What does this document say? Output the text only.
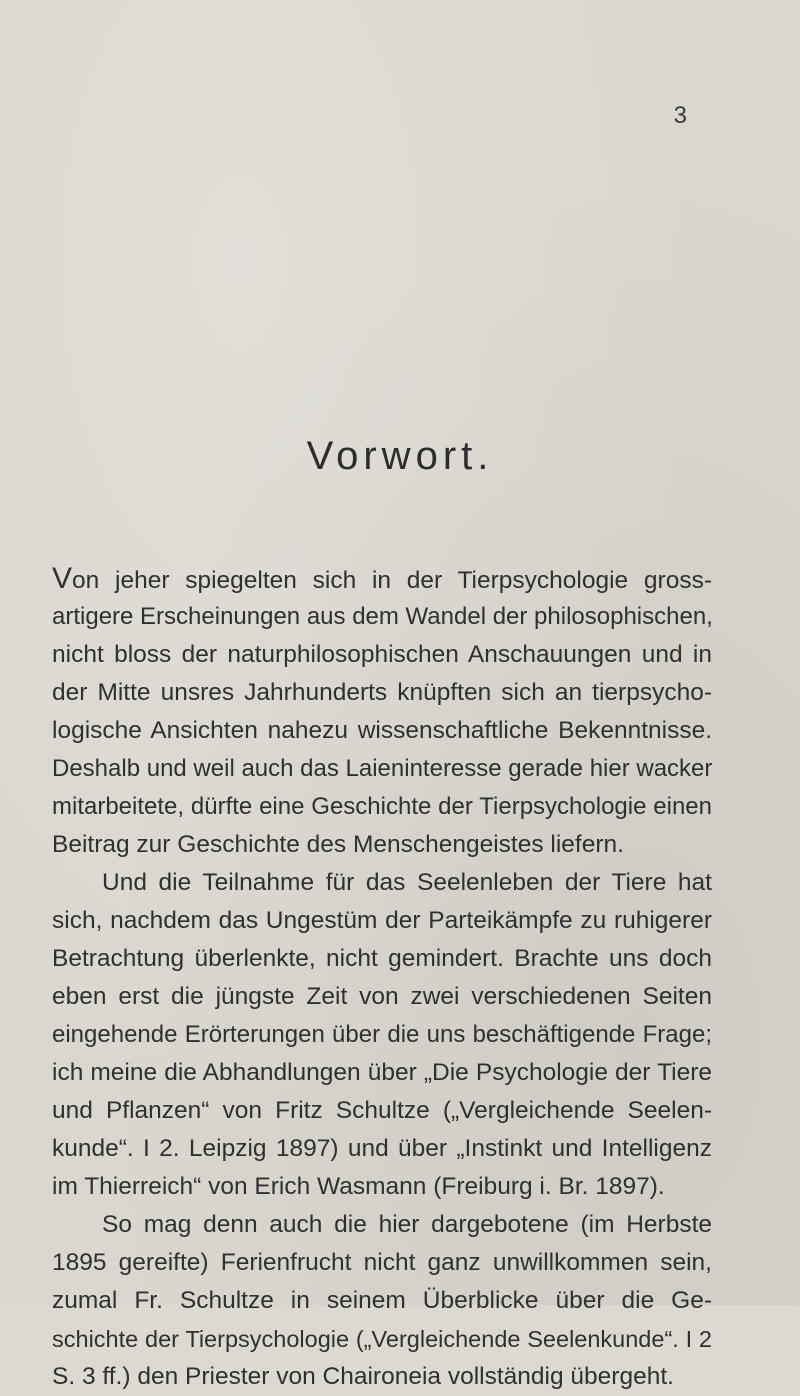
3
Vorwort.
Von jeher spiegelten sich in der Tierpsychologie gross-
artigere Erscheinungen aus dem Wandel der philosophischen,
nicht bloss der naturphilosophischen Anschauungen und in
der Mitte unsres Jahrhunderts knüpften sich an tierpsycho-
logische Ansichten nahezu wissenschaftliche Bekenntnisse.
Deshalb und weil auch das Laieninteresse gerade hier wacker
mitarbeitete, dürfte eine Geschichte der Tierpsychologie einen
Beitrag zur Geschichte des Menschengeistes liefern.
Und die Teilnahme für das Seelenleben der Tiere hat
sich, nachdem das Ungestüm der Parteikämpfe zu ruhigerer
Betrachtung überlenkte, nicht gemindert. Brachte uns doch
eben erst die jüngste Zeit von zwei verschiedenen Seiten
eingehende Erörterungen über die uns beschäftigende Frage;
ich meine die Abhandlungen über „Die Psychologie der Tiere
und Pflanzen“ von Fritz Schultze („Vergleichende Seelen-
kunde“. I 2. Leipzig 1897) und über „Instinkt und Intelligenz
im Thierreich“ von Erich Wasmann (Freiburg i. Br. 1897).
So mag denn auch die hier dargebotene (im Herbste
1895 gereifte) Ferienfrucht nicht ganz unwillkommen sein,
zumal Fr. Schultze in seinem Überblicke über die Ge-
schichte der Tierpsychologie („Vergleichende Seelenkunde“. I 2
S. 3 ff.) den Priester von Chaironeia vollständig übergeht.
